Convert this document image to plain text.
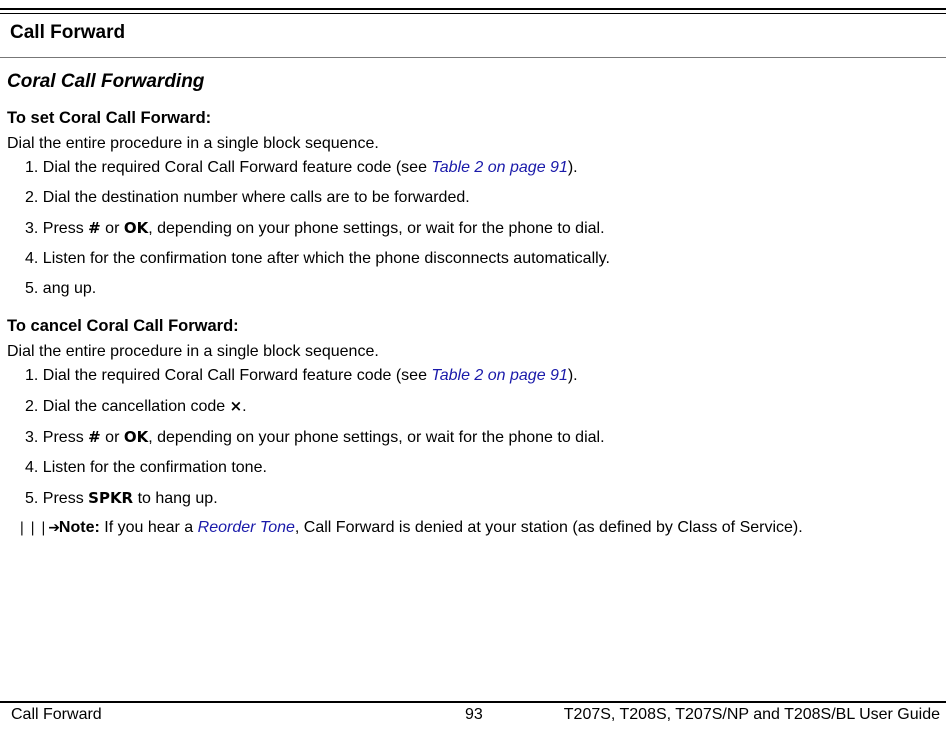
Call Forward
Coral Call Forwarding

To set Coral Call Forward:

Dial the entire procedure in a single block sequence.

1. Dial the required Coral Call Forward feature code (see Table 2 on page 91).
2. Dial the destination number where calls are to be forwarded.
3. Press # or OK, depending on your phone settings, or wait for the phone to dial.
4. Listen for the confirmation tone after which the phone disconnects automatically.
5. ang up.

To cancel Coral Call Forward:

Dial the entire procedure in a single block sequence.

1. Dial the required Coral Call Forward feature code (see Table 2 on page 91).
2. Dial the cancellation code ×.
3. Press # or OK, depending on your phone settings, or wait for the phone to dial.
4. Listen for the confirmation tone.
5. Press SPKR to hang up.
❘❘❘➔Note: If you hear a Reorder Tone, Call Forward is denied at your station (as defined by Class of Service).
Call Forward	93	T207S, T208S, T207S/NP and T208S/BL User Guide
